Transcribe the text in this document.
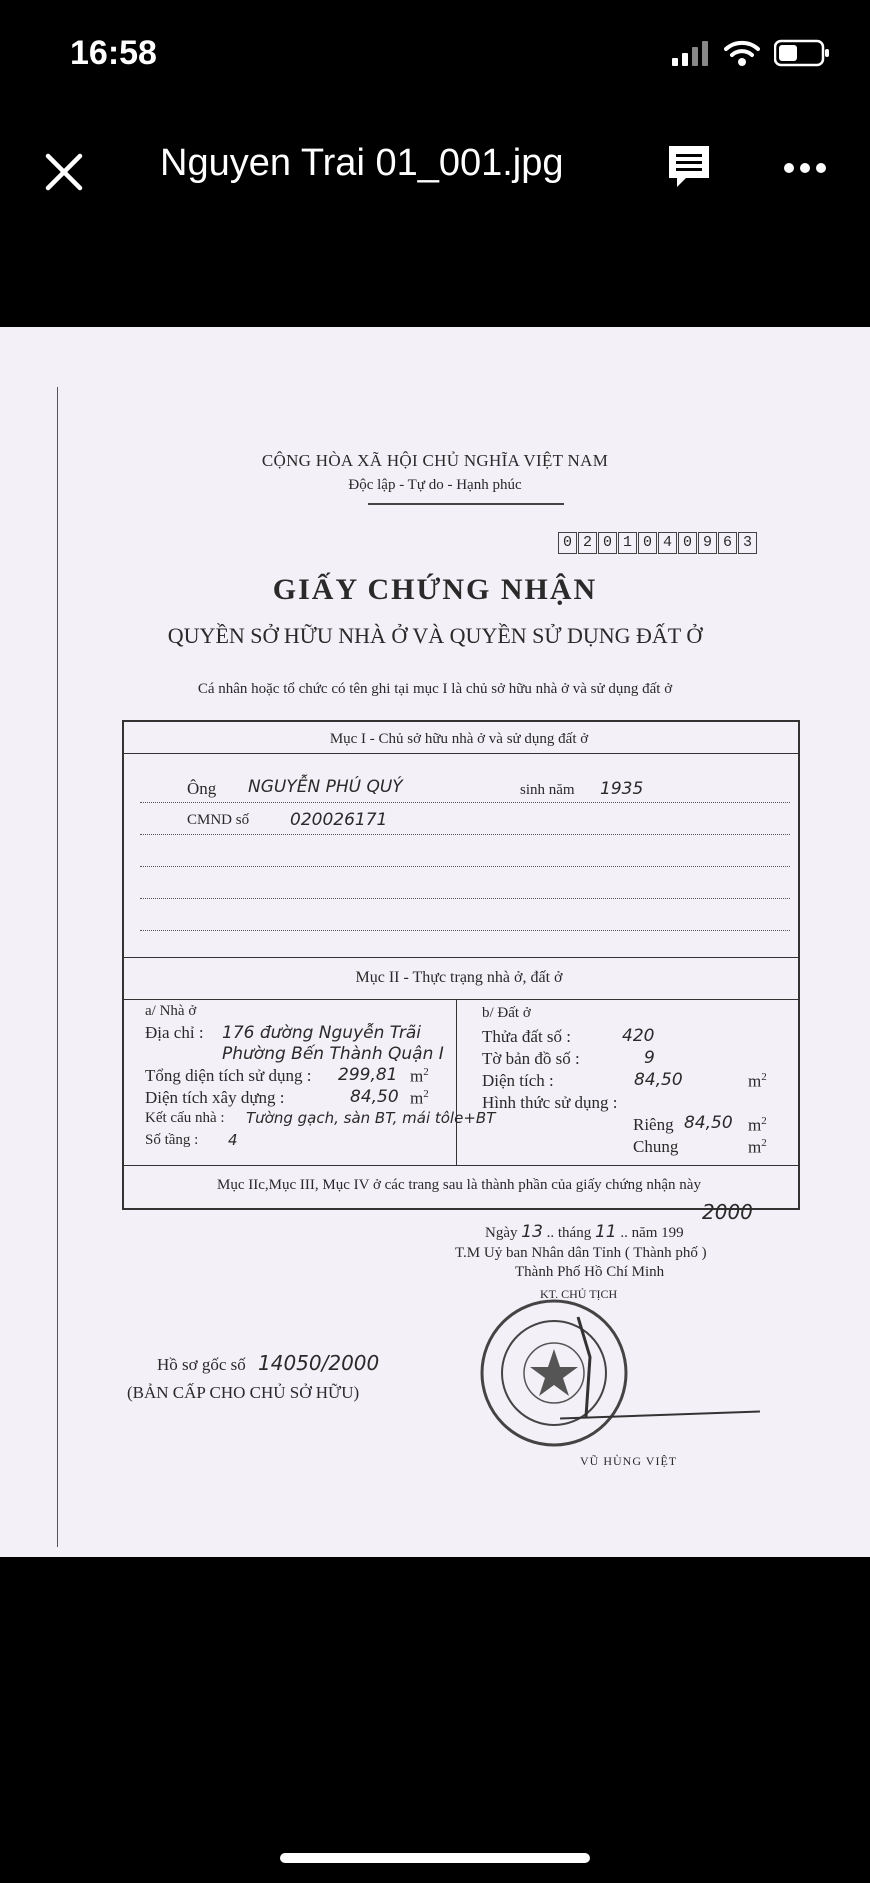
16:58
Nguyen Trai 01_001.jpg
CỘNG HÒA XÃ HỘI CHỦ NGHĨA VIỆT NAM
Độc lập - Tự do - Hạnh phúc
0 2 0 1 0 4 0 9 6 3
GIẤY CHỨNG NHẬN
QUYỀN SỞ HỮU NHÀ Ở VÀ QUYỀN SỬ DỤNG ĐẤT Ở
Cá nhân hoặc tổ chức có tên ghi tại mục I là chủ sở hữu nhà ở và sử dụng đất ở
Mục I - Chủ sở hữu nhà ở và sử dụng đất ở
Ông NGUYỄN PHÚ QUÝ	sinh năm 1935
CMND số 020026171
Mục II - Thực trạng nhà ở, đất ở
a/ Nhà ở
Địa chỉ : 176 đường Nguyễn Trãi
Phường Bến Thành Quận I
Tổng diện tích sử dụng : 299,81 $m^2$
Diện tích xây dựng :	84,50 $m^2$
Kết cấu nhà : Tường gạch, sàn BT, mái tôle+BT
Số tầng : 4
b/ Đất ở
Thửa đất số :	420
Tờ bản đồ số :	9
Diện tích :	84,50	$m^2$
Hình thức sử dụng :
Riêng 84,50 $m^2$
Chung	$m^2$
Mục IIc,Mục III, Mục IV ở các trang sau là thành phần của giấy chứng nhận này
2000
Ngày 13 .. tháng 11 .. năm 199
T.M Uỷ ban Nhân dân Tỉnh ( Thành phố )
Thành Phố Hồ Chí Minh
KT. CHỦ TỊCH
VŨ HÙNG VIỆT
Hồ sơ gốc số 14050/2000
(BẢN CẤP CHO CHỦ SỞ HỮU)
